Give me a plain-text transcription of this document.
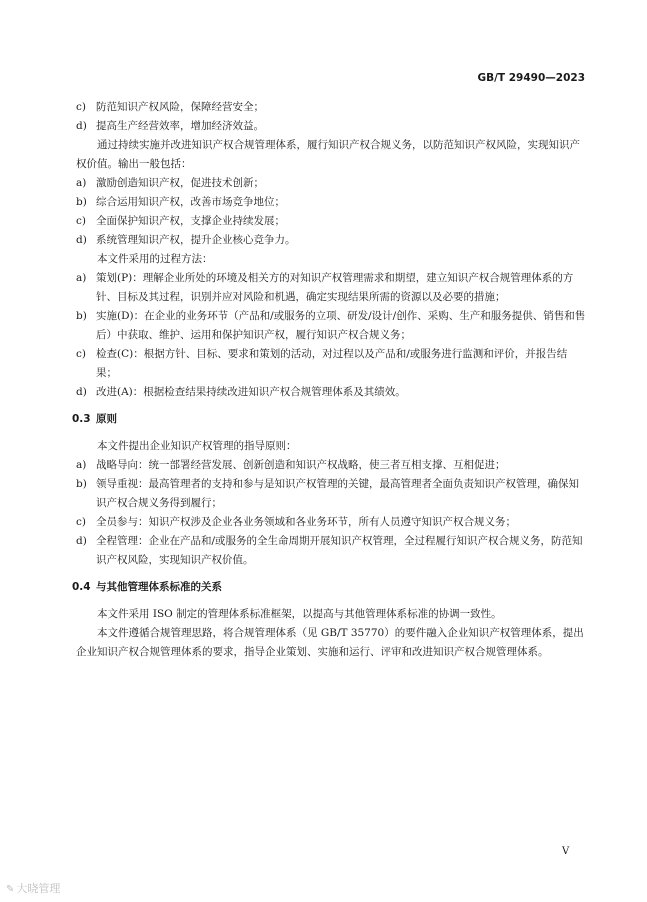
GB/T 29490—2023
c) 防范知识产权风险，保障经营安全；
d) 提高生产经营效率，增加经济效益。

通过持续实施并改进知识产权合规管理体系，履行知识产权合规义务，以防范知识产权风险，实现知识产权价值。输出一般包括：

a) 激励创造知识产权，促进技术创新；
b) 综合运用知识产权，改善市场竞争地位；
c) 全面保护知识产权，支撑企业持续发展；
d) 系统管理知识产权，提升企业核心竞争力。

本文件采用的过程方法：

a) 策划(P)：理解企业所处的环境及相关方的对知识产权管理需求和期望，建立知识产权合规管理体系的方针、目标及其过程，识别并应对风险和机遇，确定实现结果所需的资源以及必要的措施；
b) 实施(D)：在企业的业务环节（产品和/或服务的立项、研发/设计/创作、采购、生产和服务提供、销售和售后）中获取、维护、运用和保护知识产权，履行知识产权合规义务；
c) 检查(C)：根据方针、目标、要求和策划的活动，对过程以及产品和/或服务进行监测和评价，并报告结果；
d) 改进(A)：根据检查结果持续改进知识产权合规管理体系及其绩效。
0.3 原则

本文件提出企业知识产权管理的指导原则：

a) 战略导向：统一部署经营发展、创新创造和知识产权战略，使三者互相支撑、互相促进；
b) 领导重视：最高管理者的支持和参与是知识产权管理的关键，最高管理者全面负责知识产权管理，确保知识产权合规义务得到履行；
c) 全员参与：知识产权涉及企业各业务领域和各业务环节，所有人员遵守知识产权合规义务；
d) 全程管理：企业在产品和/或服务的全生命周期开展知识产权管理，全过程履行知识产权合规义务，防范知识产权风险，实现知识产权价值。
0.4 与其他管理体系标准的关系

本文件采用 ISO 制定的管理体系标准框架，以提高与其他管理体系标准的协调一致性。

本文件遵循合规管理思路，将合规管理体系（见 GB/T 35770）的要件融入企业知识产权管理体系，提出企业知识产权合规管理体系的要求，指导企业策划、实施和运行、评审和改进知识产权合规管理体系。

V
✎ 大晓管理
